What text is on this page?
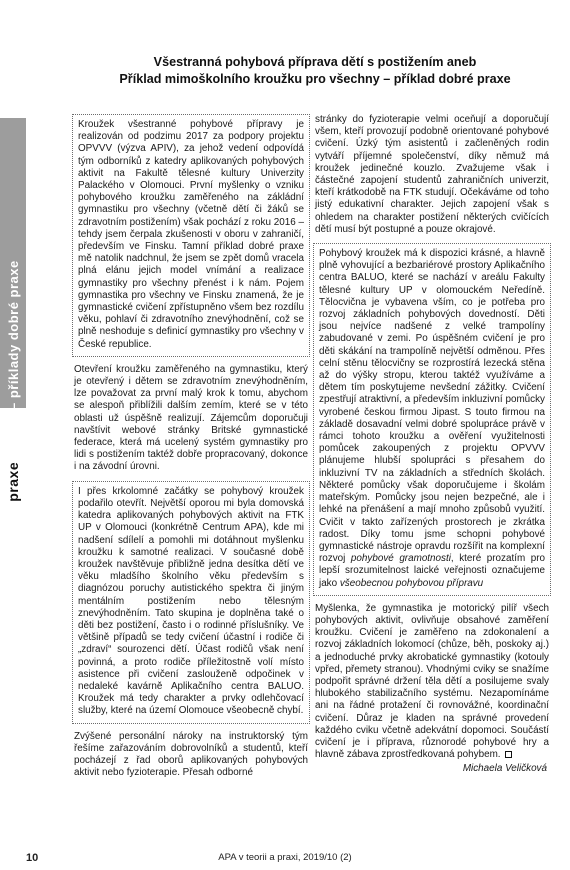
praxe – APIV – příklady dobré praxe
Všestranná pohybová příprava dětí s postižením aneb
Příklad mimoškolního kroužku pro všechny – příklad dobré praxe

Kroužek všestranné pohybové přípravy je realizován od podzimu 2017 za podpory projektu OPVVV (výzva APIV), za jehož vedení odpovídá tým odborníků z katedry aplikovaných pohybových aktivit na Fakultě tělesné kultury Univerzity Palackého v Olomouci. První myšlenky o vzniku pohybového kroužku zaměřeného na zákládní gymnastiku pro všechny (včetně dětí či žáků se zdravotním postižením) však pochází z roku 2016 – tehdy jsem čerpala zkušenosti v oboru v zahraničí, především ve Finsku. Tamní příklad dobré praxe mě natolik nadchnul, že jsem se zpět domů vracela plná elánu jejich model vnímání a realizace gymnastiky pro všechny přenést i k nám. Pojem gymnastika pro všechny ve Finsku znamená, že je gymnastické cvičení zpřístupněno všem bez rozdílu věku, pohlaví či zdravotního znevýhodnění, což se plně neshoduje s definicí gymnastiky pro všechny v České republice.

Otevření kroužku zaměřeného na gymnastiku, který je otevřený i dětem se zdravotním znevýhodněním, lze považovat za první malý krok k tomu, abychom se alespoň přiblížili dalším zemím, které se v této oblasti už úspěšně realizují. Zájemcům doporučuji navštívit webové stránky Britské gymnastické federace, která má ucelený systém gymnastiky pro lidi s postižením taktéž dobře propracovaný, dokonce i na závodní úrovni.

I přes krkolomné začátky se pohybový kroužek podařilo otevřít. Největší oporou mi byla domovská katedra aplikovaných pohybových aktivit na FTK UP v Olomouci (konkrétně Centrum APA), kde mi nadšení sdílelí a pomohli mi dotáhnout myšlenku kroužku k samotné realizaci. V současné době kroužek navštěvuje přibližně jedna desítka dětí ve věku mladšího školního věku především s diagnózou poruchy autistického spektra či jiným mentálním postižením nebo tělesným znevýhodněním. Tato skupina je doplněna také o děti bez postižení, často i o rodinné příslušníky. Ve většině případů se tedy cvičení účastní i rodiče či „zdraví“ sourozenci dětí. Účast rodičů však není povinná, a proto rodiče příležitostně volí místo asistence při cvičení zaslouženě odpočinek v nedaleké kavárně Aplikačního centra BALUO. Kroužek má tedy charakter a prvky odlehčovací služby, které na území Olomouce všeobecně chybí.

Zvýšené personální nároky na instruktorský tým řešíme zařazováním dobrovolníků a studentů, kteří pocházejí z řad oborů aplikovaných pohybových aktivit nebo fyzioterapie. Přesah odborné

stránky do fyzioterapie velmi oceňují a doporučují všem, kteří provozují podobně orientované pohybové cvičení. Úzký tým asistentů i začleněných rodin vytváří příjemné společenství, díky němuž má kroužek jedinečné kouzlo. Zvažujeme však i částečné zapojení studentů zahraničních univerzit, kteří krátkodobě na FTK studují. Očekáváme od toho jistý edukativní charakter. Jejich zapojení však s ohledem na charakter postižení některých cvičících dětí musí být postupné a pouze okrajové.

Pohybový kroužek má k dispozici krásné, a hlavně plně vyhovující a bezbariérové prostory Aplikačního centra BALUO, které se nachází v areálu Fakulty tělesné kultury UP v olomouckém Neředíně. Tělocvična je vybavena vším, co je potřeba pro rozvoj základních pohybových dovedností. Děti jsou nejvíce nadšené z velké trampolíny zabudované v zemi. Po úspěšném cvičení je pro děti skákání na trampolíně největší odměnou. Přes celní stěnu tělocvičny se rozprostírá lezecká stěna až do výšky stropu, kterou taktéž využíváme a dětem tím poskytujeme nevšední zážitky. Cvičení zpestřují atraktivní, a především inkluzivní pomůcky vyrobené českou firmou Jipast. S touto firmou na základě dosavadní velmi dobré spolupráce právě v rámci tohoto kroužku a ověření využitelnosti pomůcek zakoupených z projektu OPVVV plánujeme hlubší spolupráci s přesahem do inkluzivní TV na základních a středních školách. Některé pomůcky však doporučujeme i školám mateřským. Pomůcky jsou nejen bezpečné, ale i lehké na přenášení a mají mnoho způsobů využití. Cvičit v takto zařízených prostorech je zkrátka radost. Díky tomu jsme schopni pohybové gymnastické nástroje opravdu rozšířit na komplexní rozvoj pohybové gramotnosti, které prozatím pro lepší srozumitelnost laické veřejnosti označujeme jako všeobecnou pohybovou přípravu

Myšlenka, že gymnastika je motorický pilíř všech pohybových aktivit, ovlivňuje obsahové zaměření kroužku. Cvičení je zaměřeno na zdokonalení a rozvoj základních lokomocí (chůze, běh, poskoky aj.) a jednoduché prvky akrobatické gymnastiky (kotouly vpřed, přemety stranou). Vhodnými cviky se snažíme podpořit správné držení těla dětí a posilujeme svaly hlubokého stabilizačního systému. Nezapomínáme ani na řádné protažení či rovnovážné, koordinační cvičení. Důraz je kladen na správné provedení každého cviku včetně adekvátní dopomoci. Součástí cvičení je i příprava, různorodé pohybové hry a hlavně zábava zprostředkovaná pohybem.

Michaela Veličková
10	APA v teorii a praxi, 2019/10 (2)
